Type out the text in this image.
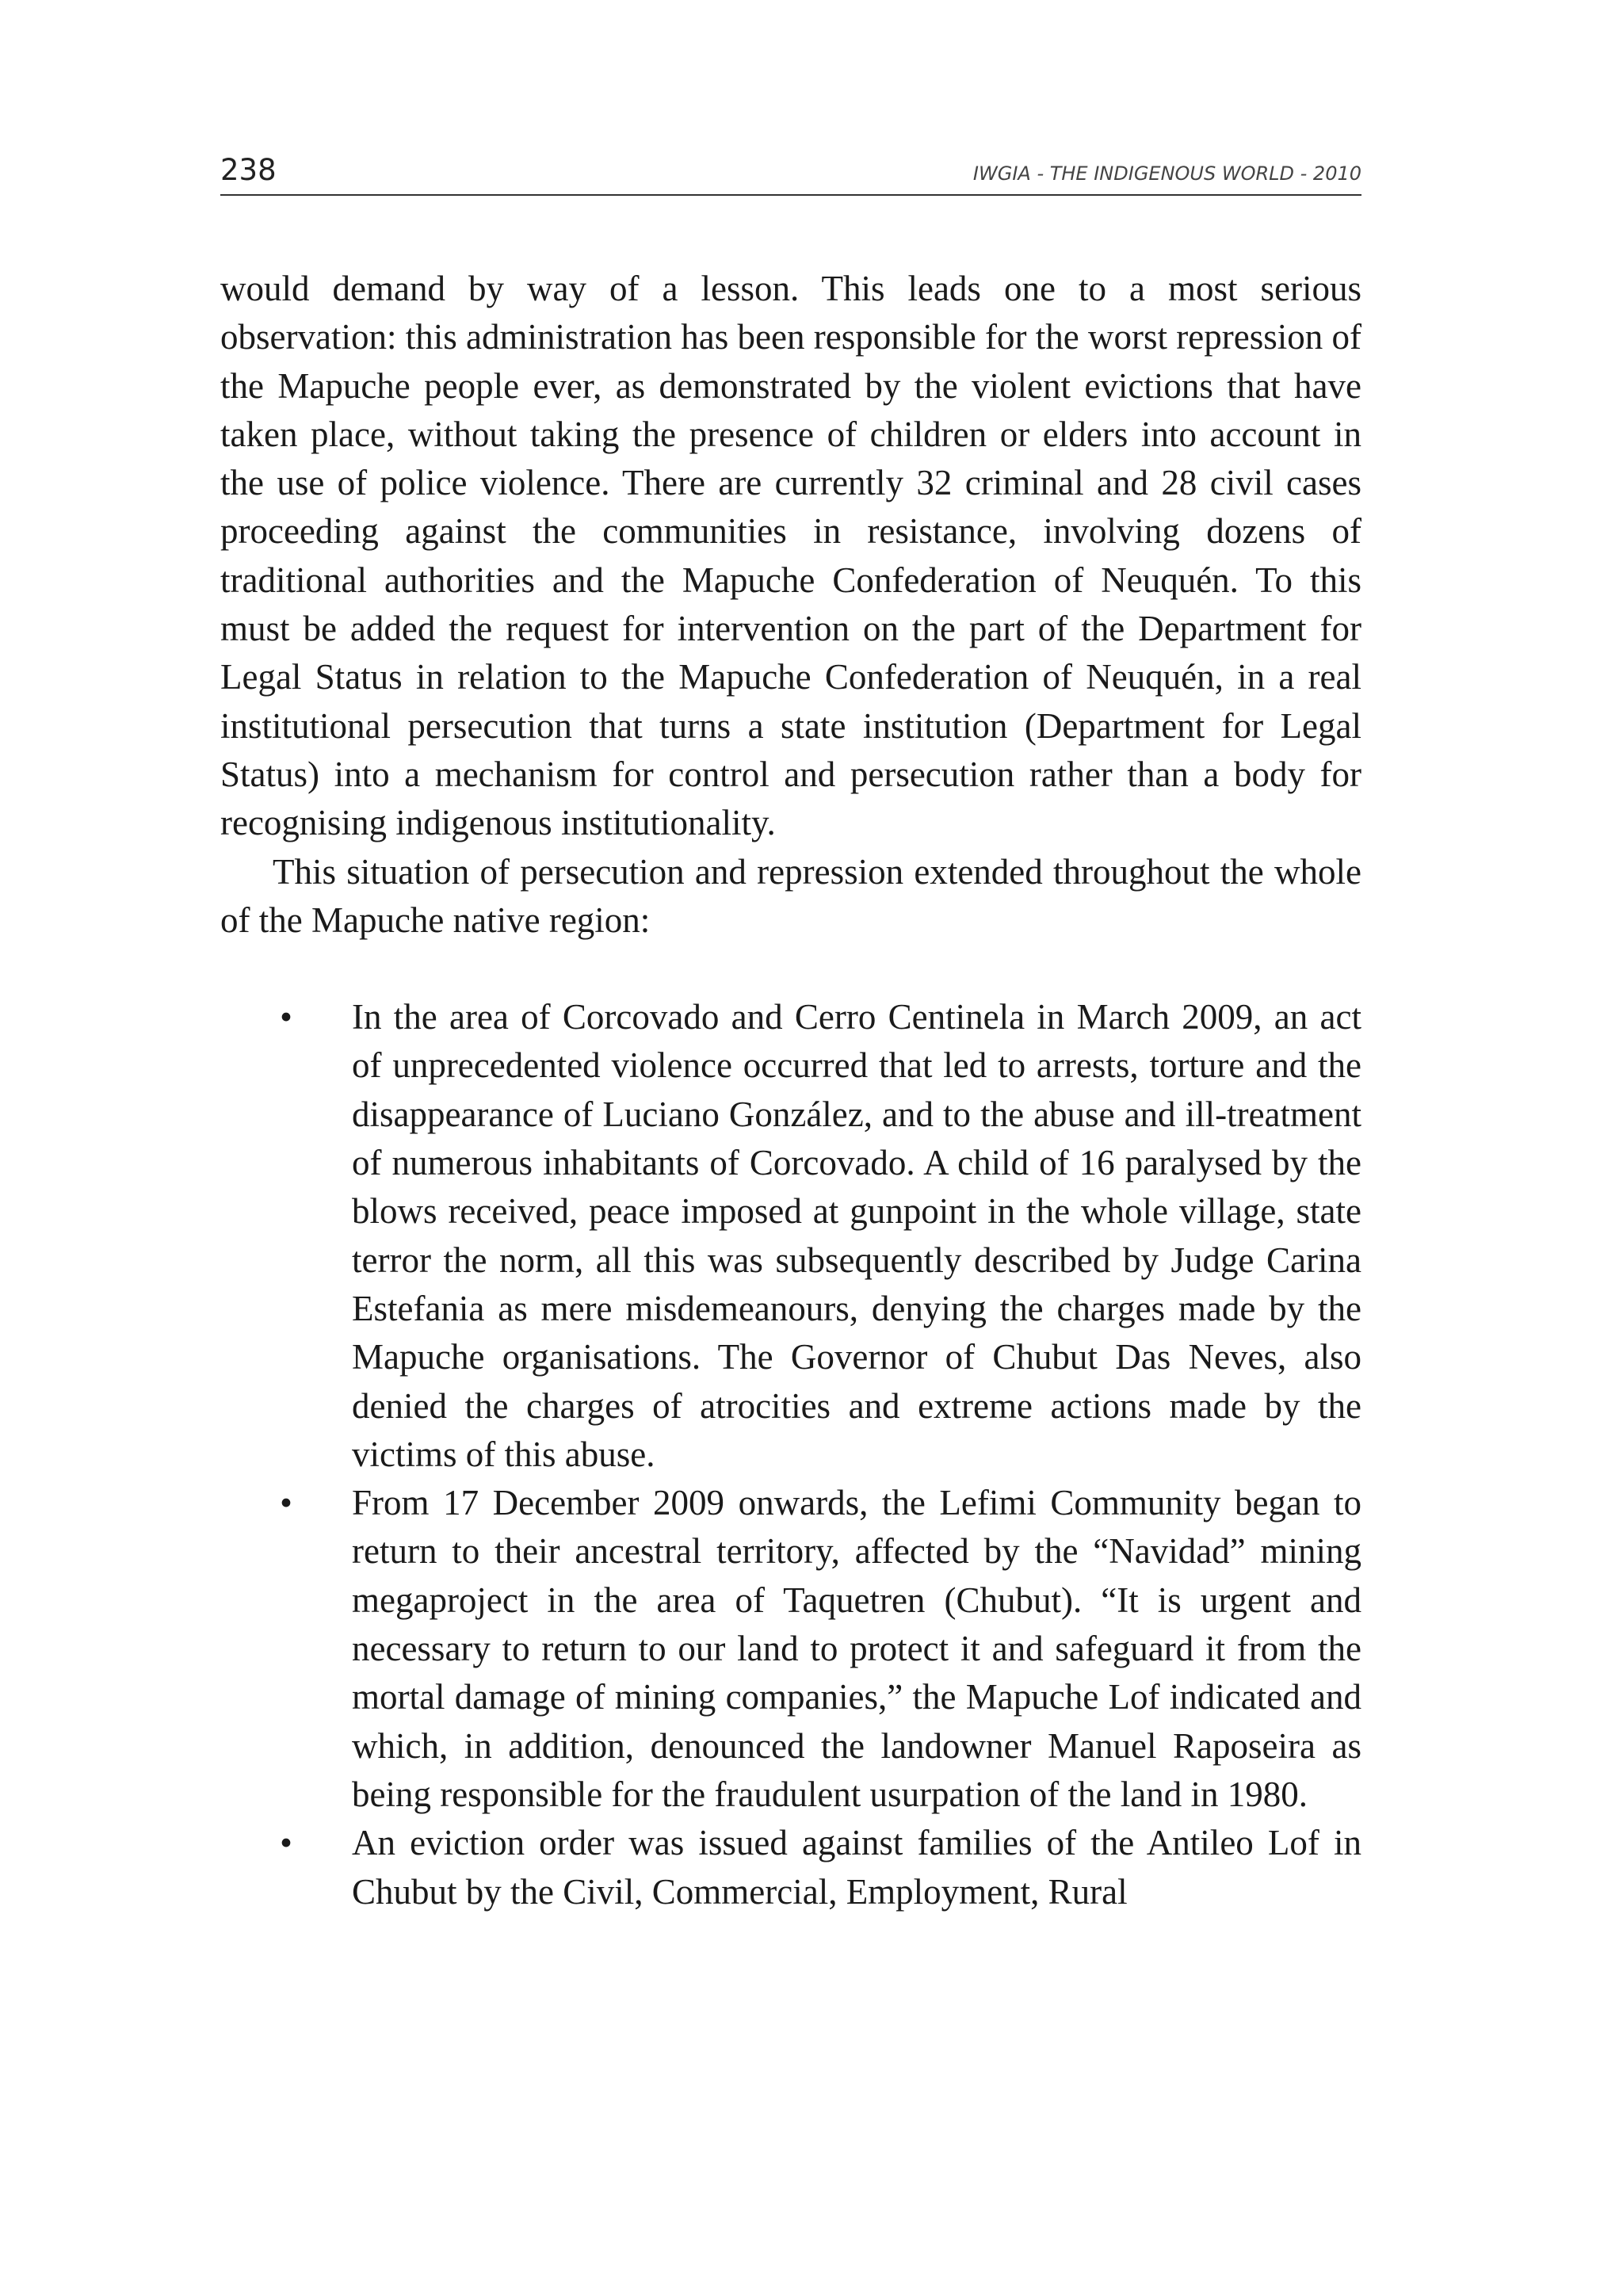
238	IWGIA - THE INDIGENOUS WORLD - 2010

would demand by way of a lesson. This leads one to a most serious observation: this administration has been responsible for the worst repression of the Mapuche people ever, as demonstrated by the violent evictions that have taken place, without taking the presence of children or elders into account in the use of police violence. There are currently 32 criminal and 28 civil cases proceeding against the communities in resistance, involving dozens of traditional authorities and the Mapuche Confederation of Neuquén. To this must be added the request for intervention on the part of the Department for Legal Status in relation to the Mapuche Confederation of Neuquén, in a real institutional persecution that turns a state institution (Department for Legal Status) into a mechanism for control and persecution rather than a body for recognising indigenous institutionality.

This situation of persecution and repression extended throughout the whole of the Mapuche native region:

• In the area of Corcovado and Cerro Centinela in March 2009, an act of unprecedented violence occurred that led to arrests, torture and the disappearance of Luciano González, and to the abuse and ill-treatment of numerous inhabitants of Corcovado. A child of 16 paralysed by the blows received, peace imposed at gunpoint in the whole village, state terror the norm, all this was subsequently described by Judge Carina Estefania as mere misdemeanours, denying the charges made by the Mapuche organisations. The Governor of Chubut Das Neves, also denied the charges of atrocities and extreme actions made by the victims of this abuse.
• From 17 December 2009 onwards, the Lefimi Community began to return to their ancestral territory, affected by the “Navidad” mining megaproject in the area of Taquetren (Chubut). “It is urgent and necessary to return to our land to protect it and safeguard it from the mortal damage of mining companies,” the Mapuche Lof indicated and which, in addition, denounced the landowner Manuel Raposeira as being responsible for the fraudulent usurpation of the land in 1980.
• An eviction order was issued against families of the Antileo Lof in Chubut by the Civil, Commercial, Employment, Rural
